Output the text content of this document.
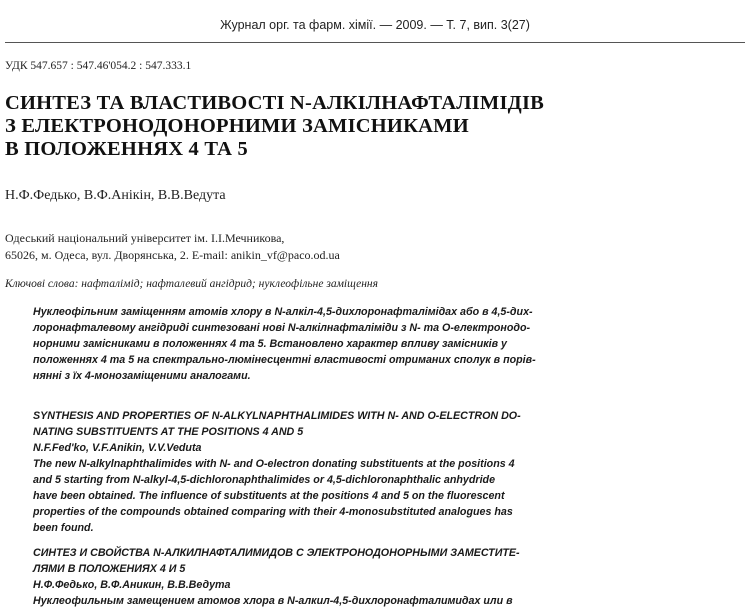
Журнал орг. та фарм. хімії. — 2009. — Т. 7, вип. 3(27)
УДК 547.657 : 547.46'054.2 : 547.333.1
СИНТЕЗ ТА ВЛАСТИВОСТІ N-АЛКІЛНАФТАЛІМІДІВ
З ЕЛЕКТРОНОДОНОРНИМИ ЗАМІСНИКАМИ
В ПОЛОЖЕННЯХ 4 ТА 5
Н.Ф.Федько, В.Ф.Анікін, В.В.Ведута
Одеський національний університет ім. І.І.Мечникова,
65026, м. Одеса, вул. Дворянська, 2. E-mail: anikin_vf@paco.od.ua
Ключові слова: нафталімід; нафталевий ангідрид; нуклеофільне заміщення
Нуклеофільним заміщенням атомів хлору в N-алкіл-4,5-дихлоронафталімідах або в 4,5-дих-
лоронафталевому ангідриді синтезовані нові N-алкілнафталіміди з N- та O-електронодо-
норними замісниками в положеннях 4 та 5. Встановлено характер впливу замісників у
положеннях 4 та 5 на спектрально-люмінесцентні властивості отриманих сполук в порів-
нянні з їх 4-монозаміщеними аналогами.
SYNTHESIS AND PROPERTIES OF N-ALKYLNAPHTHALIMIDES WITH N- AND O-ELECTRON DO-
NATING SUBSTITUENTS AT THE POSITIONS 4 AND 5
N.F.Fed'ko, V.F.Anikin, V.V.Veduta
The new N-alkylnaphthalimides with N- and O-electron donating substituents at the positions 4
and 5 starting from N-alkyl-4,5-dichloronaphthalimides or 4,5-dichloronaphthalic anhydride
have been obtained. The influence of substituents at the positions 4 and 5 on the fluorescent
properties of the compounds obtained comparing with their 4-monosubstituted analogues has
been found.
СИНТЕЗ И СВОЙСТВА N-АЛКИЛНАФТАЛИМИДОВ С ЭЛЕКТРОНОДОНОРНЫМИ ЗАМЕСТИТЕ-
ЛЯМИ В ПОЛОЖЕНИЯХ 4 И 5
Н.Ф.Федько, В.Ф.Аникин, В.В.Ведута
Нуклеофильным замещением атомов хлора в N-алкил-4,5-дихлоронафталимидах или в
